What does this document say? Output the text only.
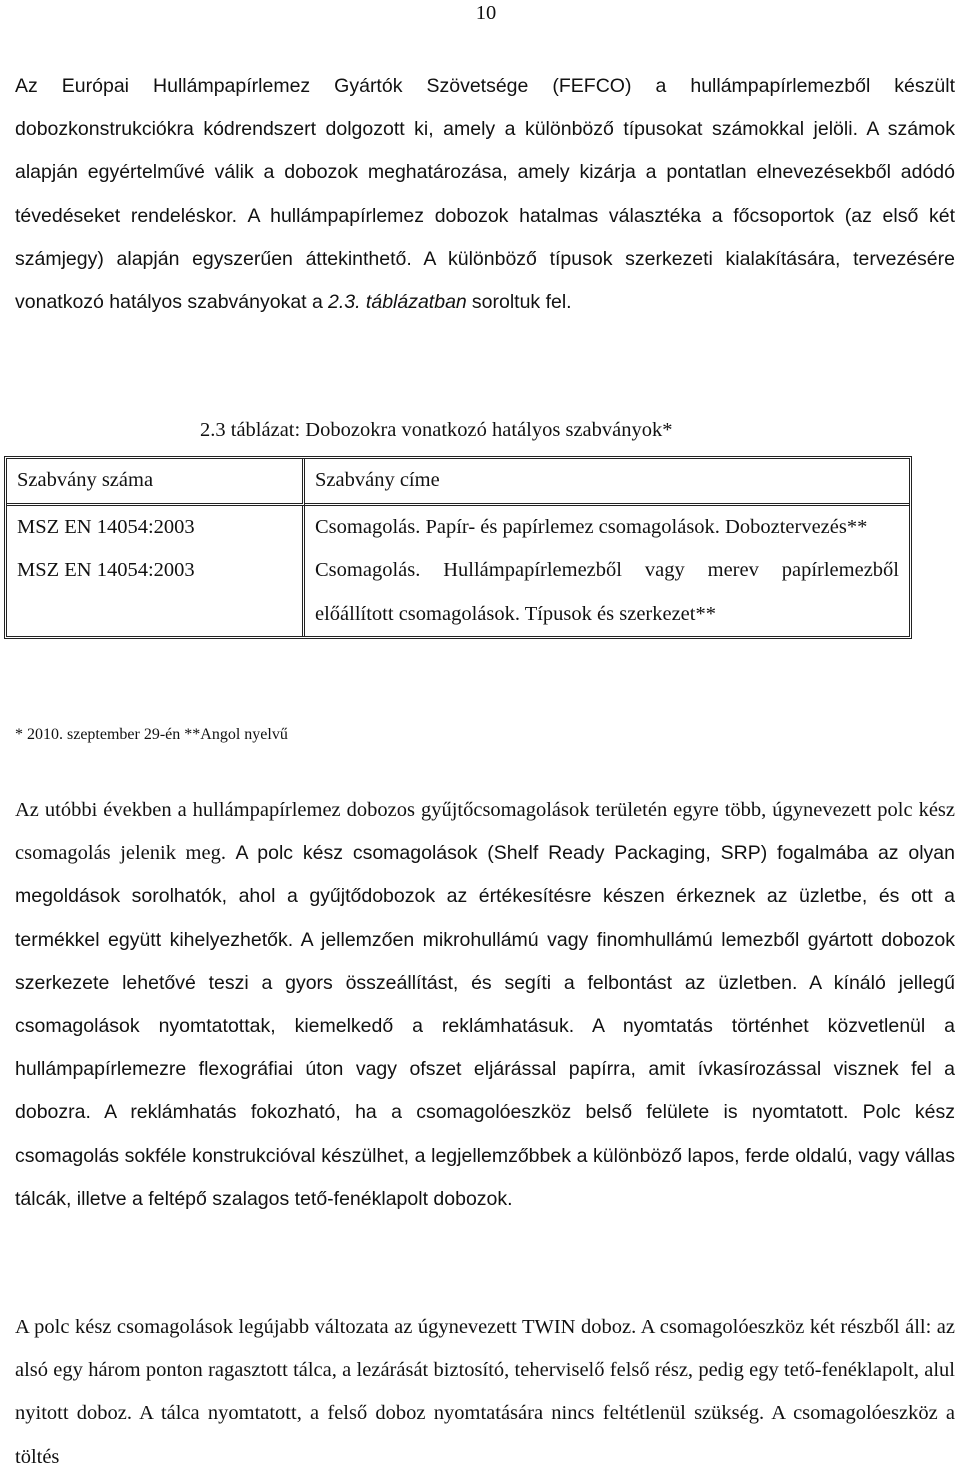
10

Az Európai Hullámpapírlemez Gyártók Szövetsége (FEFCO) a hullámpapírlemezből készült dobozkonstrukciókra kódrendszert dolgozott ki, amely a különböző típusokat számokkal jelöli. A számok alapján egyértelművé válik a dobozok meghatározása, amely kizárja a pontatlan elnevezésekből adódó tévedéseket rendeléskor. A hullámpapírlemez dobozok hatalmas választéka a főcsoportok (az első két számjegy) alapján egyszerűen áttekinthető. A különböző típusok szerkezeti kialakítására, tervezésére vonatkozó hatályos szabványokat a 2.3. táblázatban soroltuk fel.

2.3 táblázat: Dobozokra vonatkozó hatályos szabványok*
Szabvány száma	Szabvány címe
MSZ EN 14054:2003	Csomagolás. Papír- és papírlemez csomagolások. Doboztervezés**
MSZ EN 14054:2003	Csomagolás. Hullámpapírlemezből vagy merev papírlemezből előállított csomagolások. Típusok és szerkezet**
* 2010. szeptember 29-én **Angol nyelvű

Az utóbbi években a hullámpapírlemez dobozos gyűjtőcsomagolások területén egyre több, úgynevezett polc kész csomagolás jelenik meg. A polc kész csomagolások (Shelf Ready Packaging, SRP) fogalmába az olyan megoldások sorolhatók, ahol a gyűjtődobozok az értékesítésre készen érkeznek az üzletbe, és ott a termékkel együtt kihelyezhetők. A jellemzően mikrohullámú vagy finomhullámú lemezből gyártott dobozok szerkezete lehetővé teszi a gyors összeállítást, és segíti a felbontást az üzletben. A kínáló jellegű csomagolások nyomtatottak, kiemelkedő a reklámhatásuk. A nyomtatás történhet közvetlenül a hullámpapírlemezre flexográfiai úton vagy ofszet eljárással papírra, amit ívkasírozással visznek fel a dobozra. A reklámhatás fokozható, ha a csomagolóeszköz belső felülete is nyomtatott. Polc kész csomagolás sokféle konstrukcióval készülhet, a legjellemzőbbek a különböző lapos, ferde oldalú, vagy vállas tálcák, illetve a feltépő szalagos tető-fenéklapolt dobozok.

A polc kész csomagolások legújabb változata az úgynevezett TWIN doboz. A csomagolóeszköz két részből áll: az alsó egy három ponton ragasztott tálca, a lezárását biztosító, teherviselő felső rész, pedig egy tető-fenéklapolt, alul nyitott doboz. A tálca nyomtatott, a felső doboz nyomtatására nincs feltétlenül szükség. A csomagolóeszköz a töltés
